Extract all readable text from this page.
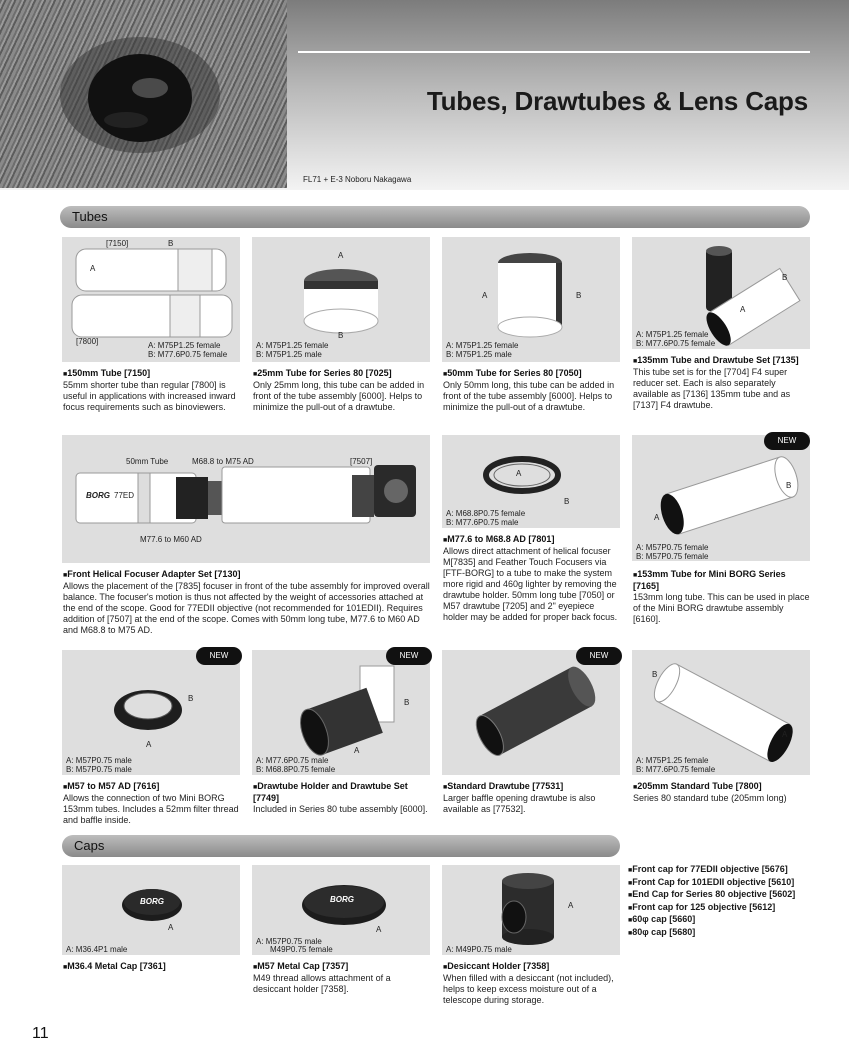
Tubes, Drawtubes & Lens Caps
FL71 + E-3 Noboru Nakagawa
Tubes
[7150]	B
A
[7800]	A: M75P1.25 female
B: M77.6P0.75 female
■ 150mm Tube [7150]
55mm shorter tube than regular [7800] is useful in applications with increased inward focus requirements such as binoviewers.
A
B
A: M75P1.25 female
B: M75P1.25 male
■ 25mm Tube for Series 80 [7025]
Only 25mm long, this tube can be added in front of the tube assembly [6000]. Helps to minimize the pull-out of a drawtube.
A	B
A: M75P1.25 female
B: M75P1.25 male
■ 50mm Tube for Series 80 [7050]
Only 50mm long, this tube can be added in front of the tube assembly [6000]. Helps to minimize the pull-out of a drawtube.
B
A
A: M75P1.25 female
B: M77.6P0.75 female
■ 135mm Tube and Drawtube Set [7135]
This tube set is for the [7704] F4 super reducer set. Each is also separately available as [7136] 135mm tube and as [7137] F4 drawtube.
BORG 77ED
50mm Tube	M68.8 to M75 AD	[7507]
M77.6 to M60 AD
■ Front Helical Focuser Adapter Set [7130]
Allows the placement of the [7835] focuser in front of the tube assembly for improved overall balance. The focuser's motion is thus not affected by the weight of accessories attached at the end of the scope. Good for 77EDII objective (not recommended for 101EDII). Requires addition of [7507] at the end of the scope. Comes with 50mm long tube, M77.6 to M60 AD and M68.8 to M75 AD.
A
B
A: M68.8P0.75 female
B: M77.6P0.75 male
■ M77.6 to M68.8 AD [7801]
Allows direct attachment of helical focuser M[7835] and Feather Touch Focusers via [FTF-BORG] to a tube to make the system more rigid and 460g lighter by removing the drawtube holder. 50mm long tube [7050] or M57 drawtube [7205] and 2" eyepiece holder may be added for proper back focus.
B
A
A: M57P0.75 female
B: M57P0.75 female
NEW
■ 153mm Tube for Mini BORG Series [7165]
153mm long tube. This can be used in place of the Mini BORG drawtube assembly [6160].
B
A
A: M57P0.75 male
B: M57P0.75 male
NEW
■ M57 to M57 AD [7616]
Allows the connection of two Mini BORG 153mm tubes. Includes a 52mm filter thread and baffle inside.
B
A
A: M77.6P0.75 male
B: M68.8P0.75 female
NEW
■ Drawtube Holder and Drawtube Set [7749]
Included in Series 80 tube assembly [6000].
NEW
■ Standard Drawtube [77531]
Larger baffle opening drawtube is also available as [77532].
B
A
A: M75P1.25 female
B: M77.6P0.75 female
■ 205mm Standard Tube [7800]
Series 80 standard tube (205mm long)
Caps
BORG
A
A: M36.4P1 male
■ M36.4 Metal Cap [7361]
BORG
A
A: M57P0.75 male
M49P0.75 female
■ M57 Metal Cap [7357]
M49 thread allows attachment of a desiccant holder [7358].
A
A: M49P0.75 male
■ Desiccant Holder [7358]
When filled with a desiccant (not included), helps to keep excess moisture out of a telescope during storage.
■ Front cap for 77EDII objective [5676]
■ Front Cap for 101EDII objective [5610]
■ End Cap for Series 80 objective [5602]
■ Front cap for 125 objective [5612]
■ 60φ cap [5660]
■ 80φ cap [5680]
11
